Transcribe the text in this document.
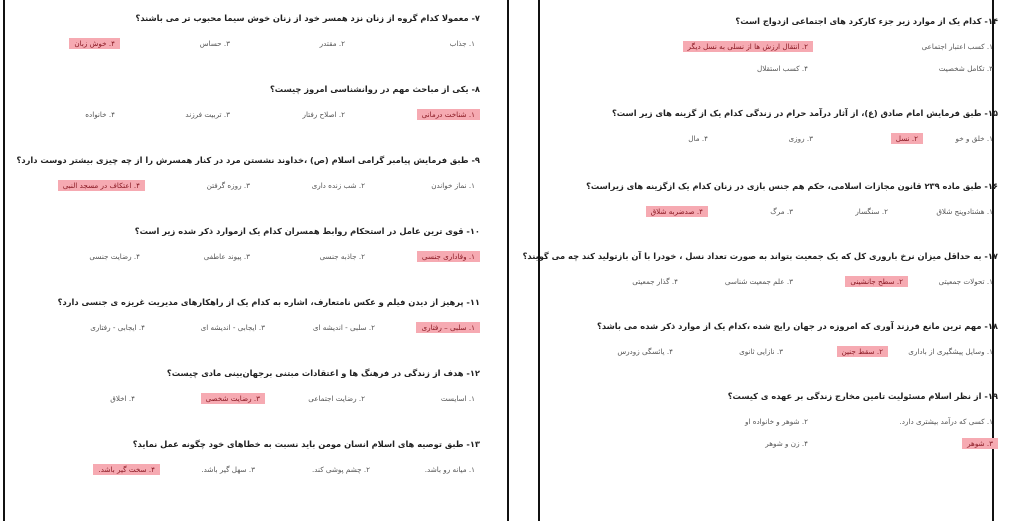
۷- معمولا کدام گروه از زنان نزد همسر خود از زنان خوش سیما محبوب تر می باشند؟
۱. جذاب
۲. مقتدر
۳. حساس
۴. خوش زبان
۸- یکی از مباحث مهم در روانشناسی امروز چیست؟
۱. شناخت درمانی
۲. اصلاح رفتار
۳. تربیت فرزند
۴. خانواده
۹- طبق فرمایش پیامبر گرامی اسلام (ص) ،خداوند نشستن مرد در کنار همسرش را از چه چیزی بیشتر دوست دارد؟
۱. نماز خواندن
۲. شب زنده داری
۳. روزه گرفتن
۴. اعتکاف در مسجد النبی
۱۰- قوی ترین عامل در استحکام روابط همسران کدام یک ازموارد ذکر شده زیر است؟
۱. وفاداری جنسی
۲. جاذبه جنسی
۳. پیوند عاطفی
۴. رضایت جنسی
۱۱- پرهیز از دیدن فیلم و عکس نامتعارف، اشاره به کدام یک از راهکارهای مدیریت غریزه ی جنسی دارد؟
۱. سلبی – رفتاری
۲. سلبی - اندیشه ای
۳. ایجابی - اندیشه ای
۴. ایجابی - رفتاری
۱۲- هدف از زندگی در فرهنگ ها و اعتقادات مبتنی برجهان‌بینی مادی چیست؟
۱. اسایست
۲. رضایت اجتماعی
۳. رضایت شخصی
۴. اخلاق
۱۳- طبق توصیه های اسلام انسان مومن باید نسبت به خطاهای خود چگونه عمل نماید؟
۱. میانه رو باشد.
۲. چشم پوشی کند.
۳. سهل گیر باشد.
۴. سخت گیر باشد.
۱۴- کدام یک از موارد زیر جزء کارکرد های اجتماعی ازدواج است؟
۱. کسب اعتبار اجتماعی
۲. انتقال ارزش ها از نسلی به نسل دیگر
۳. تکامل شخصیت
۴. کسب استقلال
۱۵- طبق فرمایش امام صادق (ع)، از آثار درآمد حرام در زندگی کدام یک از گزینه های زیر است؟
۱. خلق و خو
۲. نسل
۳. روزی
۴. مال
۱۶- طبق ماده ۲۳۹ قانون مجازات اسلامی، حکم هم جنس بازی در زنان کدام یک ازگزینه های زیراست؟
۱. هشتادوپنج شلاق
۲. سنگسار
۳. مرگ
۴. صدضربه شلاق
۱۷- به حداقل میزان نرخ باروری کل که یک جمعیت بتواند به صورت تعداد نسل ، خودرا با آن بازتولید کند چه می گویند؟
۱. تحولات جمعیتی
۲. سطح جانشینی
۳. علم جمعیت شناسی
۴. گذار جمعیتی
۱۸- مهم ترین مانع فرزند آوری که امروزه در جهان رایج شده ،کدام یک از موارد ذکر شده می باشد؟
۱. وسایل پیشگیری از باداری
۲. سقط جنین
۳. نازایی ثانوی
۴. یائسگی زودرس
۱۹- از نظر اسلام مسئولیت تامین مخارج زندگی بر عهده ی کیست؟
۱. کسی که درآمد بیشتری دارد.
۲. شوهر و خانواده او
۳. شوهر
۴. زن و شوهر
